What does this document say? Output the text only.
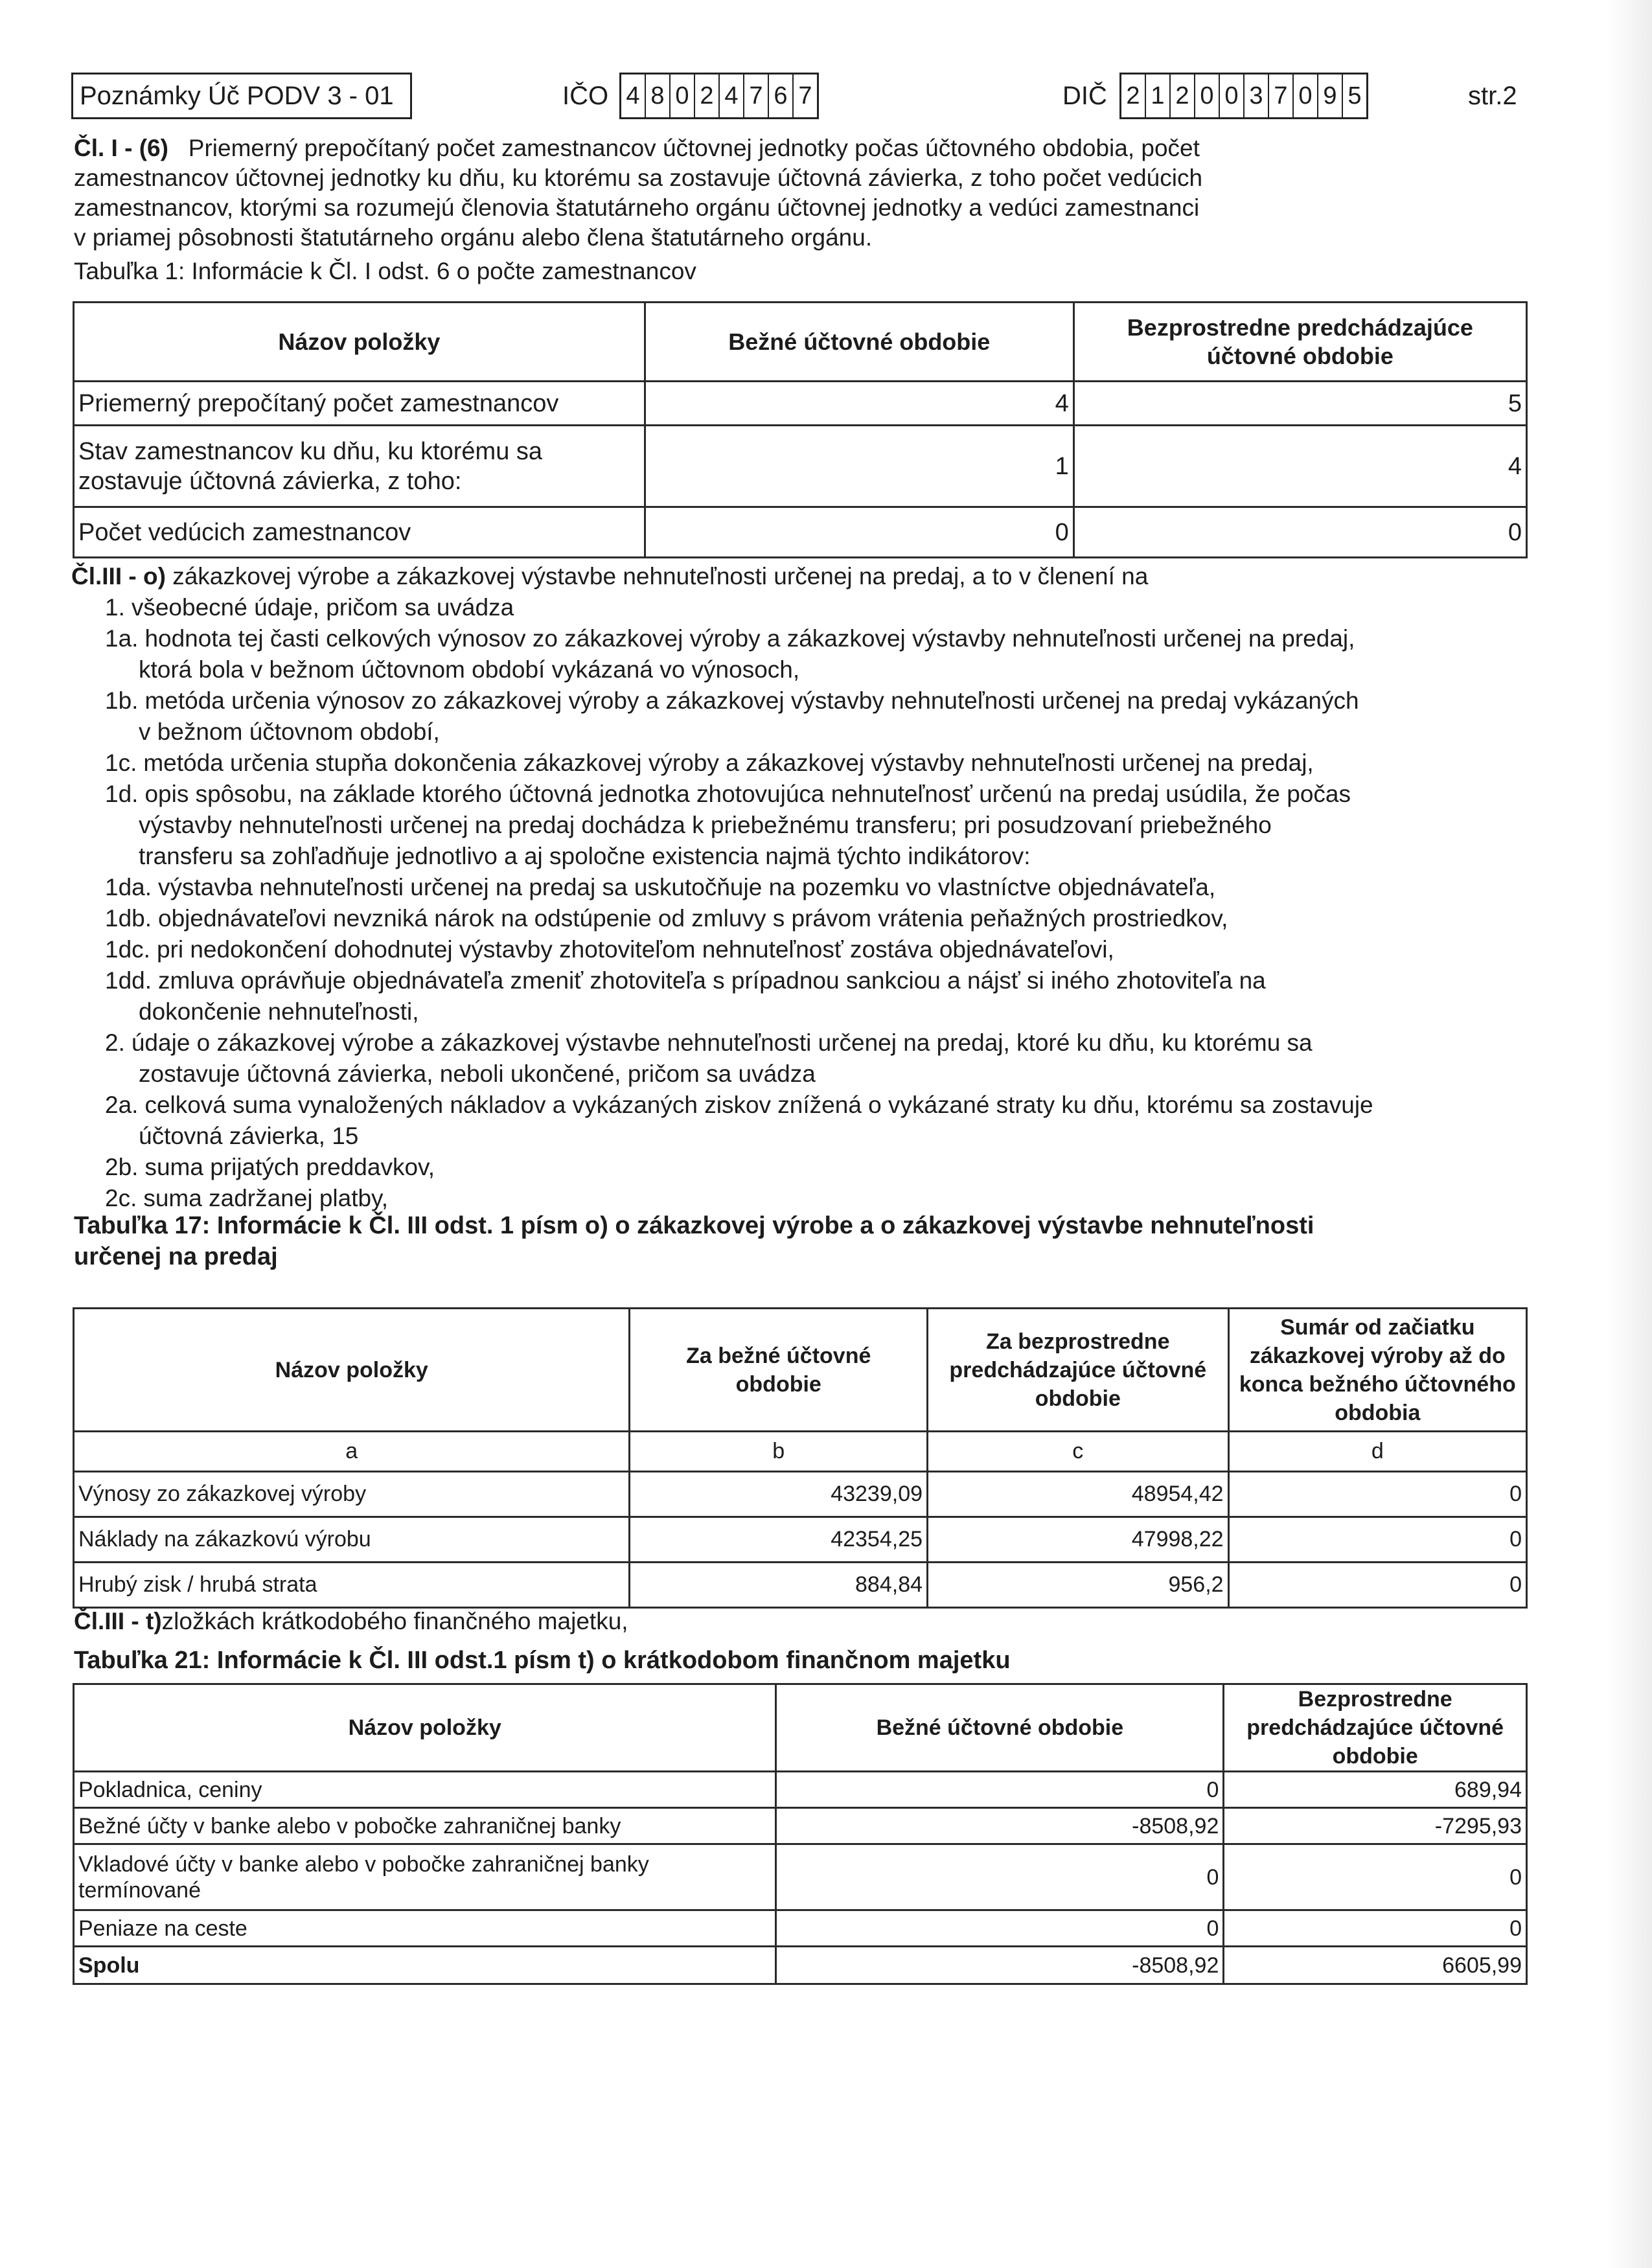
Poznámky Úč PODV 3 - 01	IČO 4 8 0 2 4 7 6 7	DIČ 2 1 2 0 0 3 7 0 9 5	str.2
Čl. I - (6) Priemerný prepočítaný počet zamestnancov účtovnej jednotky počas účtovného obdobia, počet
zamestnancov účtovnej jednotky ku dňu, ku ktorému sa zostavuje účtovná závierka, z toho počet vedúcich
zamestnancov, ktorými sa rozumejú členovia štatutárneho orgánu účtovnej jednotky a vedúci zamestnanci
v priamej pôsobnosti štatutárneho orgánu alebo člena štatutárneho orgánu.
Tabuľka 1: Informácie k Čl. I odst. 6 o počte zamestnancov
Názov položky	Bežné účtovné obdobie	Bezprostredne predchádzajúce účtovné obdobie
Priemerný prepočítaný počet zamestnancov	4	5
Stav zamestnancov ku dňu, ku ktorému sa zostavuje účtovná závierka, z toho:	1	4
Počet vedúcich zamestnancov	0	0
Čl.III - o) zákazkovej výrobe a zákazkovej výstavbe nehnuteľnosti určenej na predaj, a to v členení na
1. všeobecné údaje, pričom sa uvádza
1a. hodnota tej časti celkových výnosov zo zákazkovej výroby a zákazkovej výstavby nehnuteľnosti určenej na predaj,
ktorá bola v bežnom účtovnom období vykázaná vo výnosoch,
1b. metóda určenia výnosov zo zákazkovej výroby a zákazkovej výstavby nehnuteľnosti určenej na predaj vykázaných
v bežnom účtovnom období,
1c. metóda určenia stupňa dokončenia zákazkovej výroby a zákazkovej výstavby nehnuteľnosti určenej na predaj,
1d. opis spôsobu, na základe ktorého účtovná jednotka zhotovujúca nehnuteľnosť určenú na predaj usúdila, že počas
výstavby nehnuteľnosti určenej na predaj dochádza k priebežnému transferu; pri posudzovaní priebežného
transferu sa zohľadňuje jednotlivo a aj spoločne existencia najmä týchto indikátorov:
1da. výstavba nehnuteľnosti určenej na predaj sa uskutočňuje na pozemku vo vlastníctve objednávateľa,
1db. objednávateľovi nevzniká nárok na odstúpenie od zmluvy s právom vrátenia peňažných prostriedkov,
1dc. pri nedokončení dohodnutej výstavby zhotoviteľom nehnuteľnosť zostáva objednávateľovi,
1dd. zmluva oprávňuje objednávateľa zmeniť zhotoviteľa s prípadnou sankciou a nájsť si iného zhotoviteľa na
dokončenie nehnuteľnosti,
2. údaje o zákazkovej výrobe a zákazkovej výstavbe nehnuteľnosti určenej na predaj, ktoré ku dňu, ku ktorému sa
zostavuje účtovná závierka, neboli ukončené, pričom sa uvádza
2a. celková suma vynaložených nákladov a vykázaných ziskov znížená o vykázané straty ku dňu, ktorému sa zostavuje
účtovná závierka, 15
2b. suma prijatých preddavkov,
2c. suma zadržanej platby,
Tabuľka 17: Informácie k Čl. III odst. 1 písm o) o zákazkovej výrobe a o zákazkovej výstavbe nehnuteľnosti
určenej na predaj
Názov položky	Za bežné účtovné obdobie	Za bezprostredne predchádzajúce účtovné obdobie	Sumár od začiatku zákazkovej výroby až do konca bežného účtovného obdobia
a	b	c	d
Výnosy zo zákazkovej výroby	43239,09	48954,42	0
Náklady na zákazkovú výrobu	42354,25	47998,22	0
Hrubý zisk / hrubá strata	884,84	956,2	0
Čl.III - t)zložkách krátkodobého finančného majetku,
Tabuľka 21: Informácie k Čl. III odst.1 písm t) o krátkodobom finančnom majetku
Názov položky	Bežné účtovné obdobie	Bezprostredne predchádzajúce účtovné obdobie
Pokladnica, ceniny	0	689,94
Bežné účty v banke alebo v pobočke zahraničnej banky	-8508,92	-7295,93
Vkladové účty v banke alebo v pobočke zahraničnej banky termínované	0	0
Peniaze na ceste	0	0
Spolu	-8508,92	6605,99
